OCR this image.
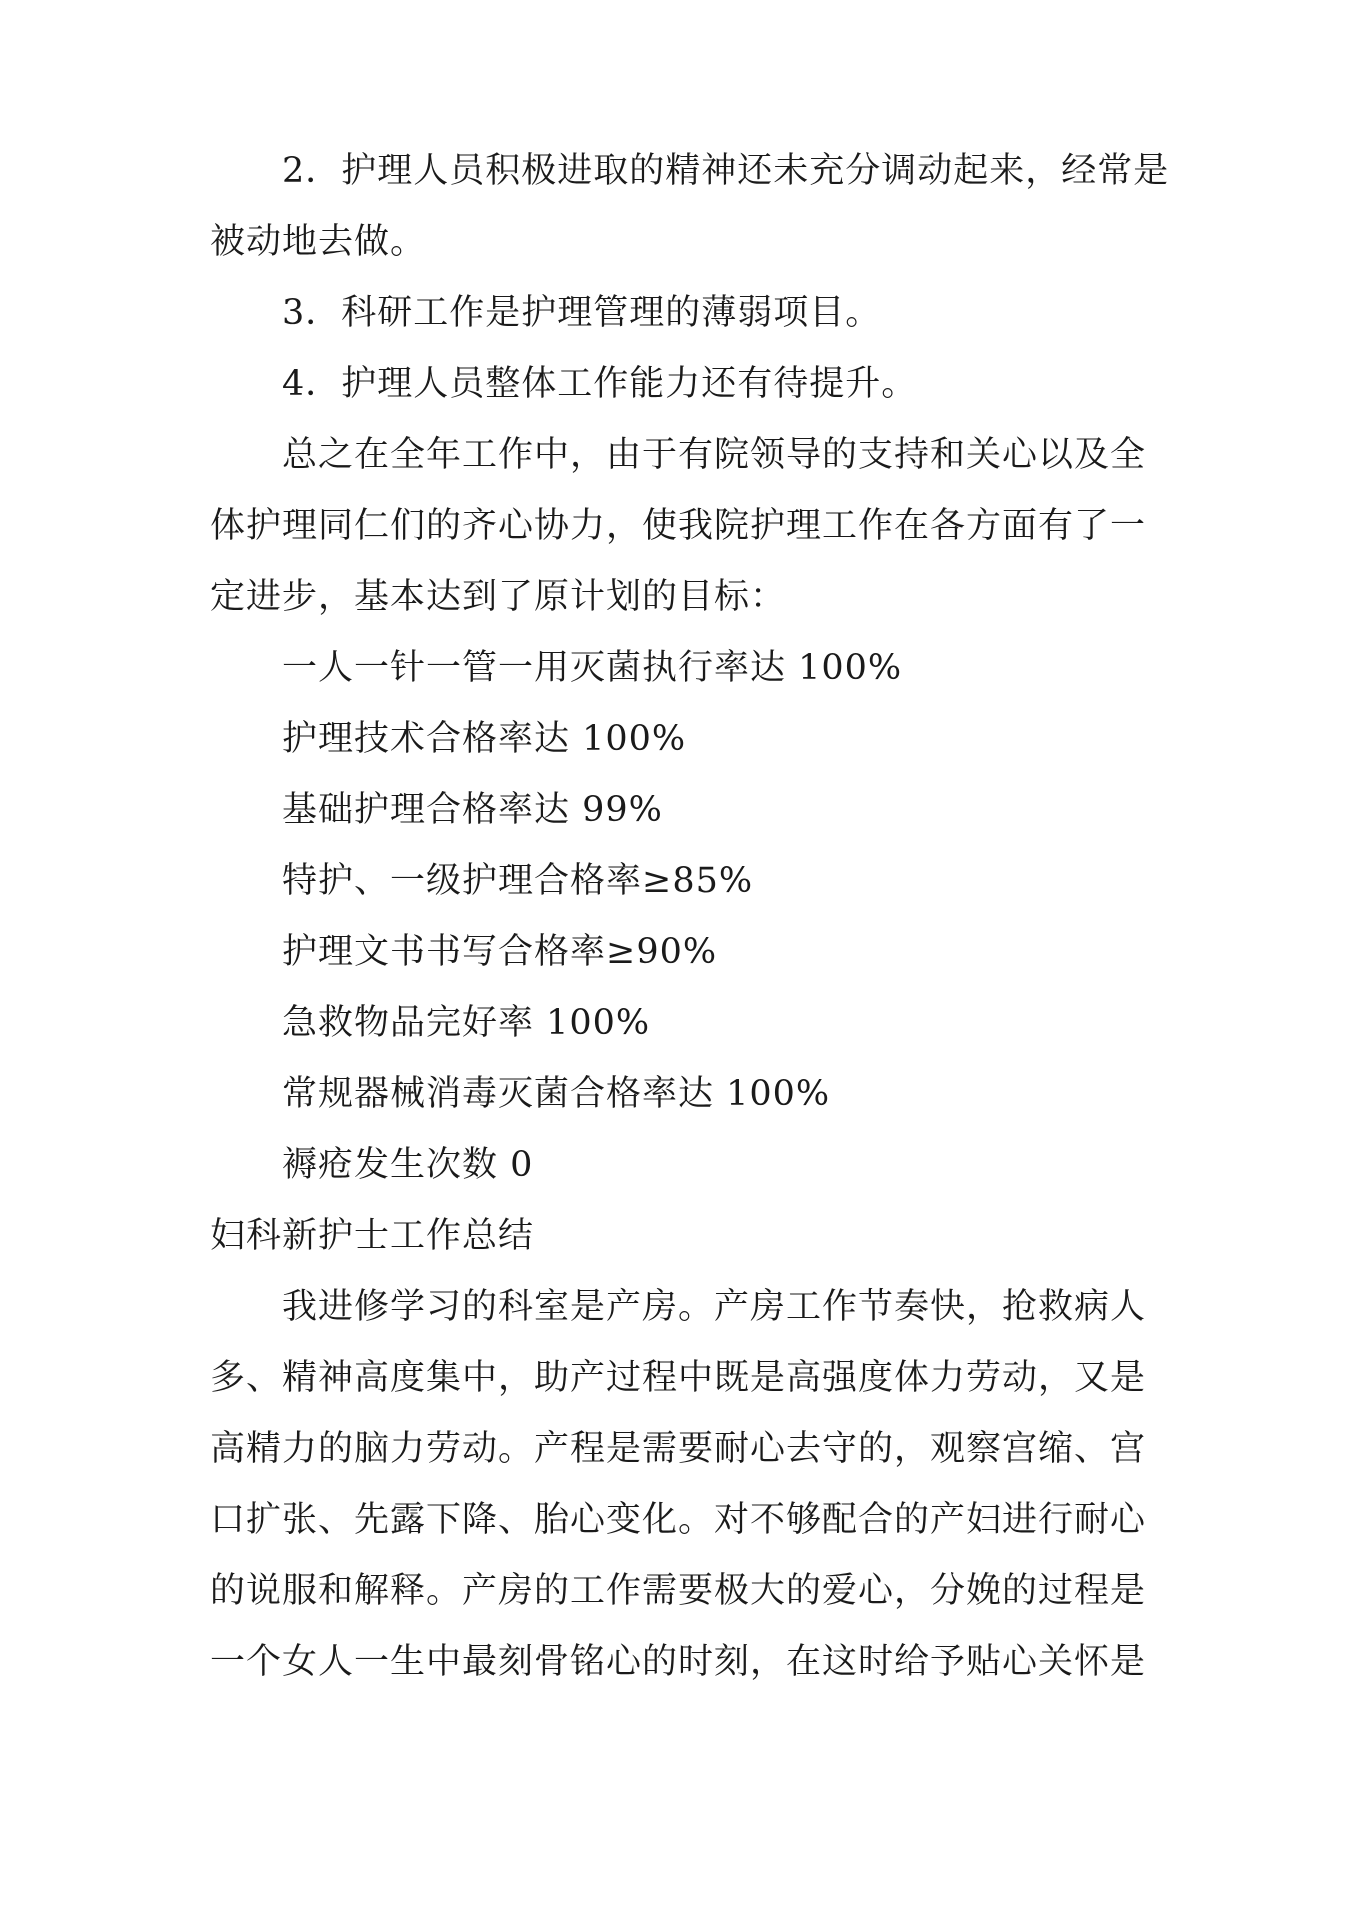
2．护理人员积极进取的精神还未充分调动起来，经常是被动地去做。

3．科研工作是护理管理的薄弱项目。

4．护理人员整体工作能力还有待提升。

总之在全年工作中，由于有院领导的支持和关心以及全体护理同仁们的齐心协力，使我院护理工作在各方面有了一定进步，基本达到了原计划的目标：

一人一针一管一用灭菌执行率达 100%

护理技术合格率达 100%

基础护理合格率达 99%

特护、一级护理合格率≥85%

护理文书书写合格率≥90%

急救物品完好率 100%

常规器械消毒灭菌合格率达 100%

褥疮发生次数 0

妇科新护士工作总结

我进修学习的科室是产房。产房工作节奏快，抢救病人多、精神高度集中，助产过程中既是高强度体力劳动，又是高精力的脑力劳动。产程是需要耐心去守的，观察宫缩、宫口扩张、先露下降、胎心变化。对不够配合的产妇进行耐心的说服和解释。产房的工作需要极大的爱心，分娩的过程是一个女人一生中最刻骨铭心的时刻，在这时给予贴心关怀是
